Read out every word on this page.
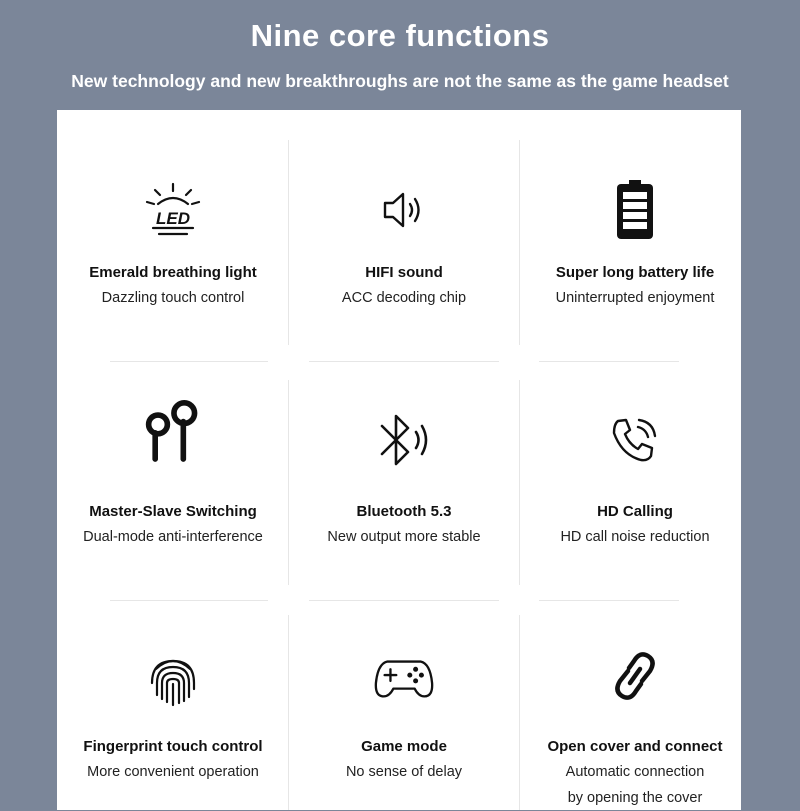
Nine core functions
New technology and new breakthroughs are not the same as the game headset
LED
Emerald breathing light
Dazzling touch control
HIFI sound
ACC decoding chip
Super long battery life
Uninterrupted enjoyment
Master-Slave Switching
Dual-mode anti-interference
Bluetooth 5.3
New output more stable
HD Calling
HD call noise reduction
Fingerprint touch control
More convenient operation
Game mode
No sense of delay
Open cover and connect
Automatic connection
by opening the cover
